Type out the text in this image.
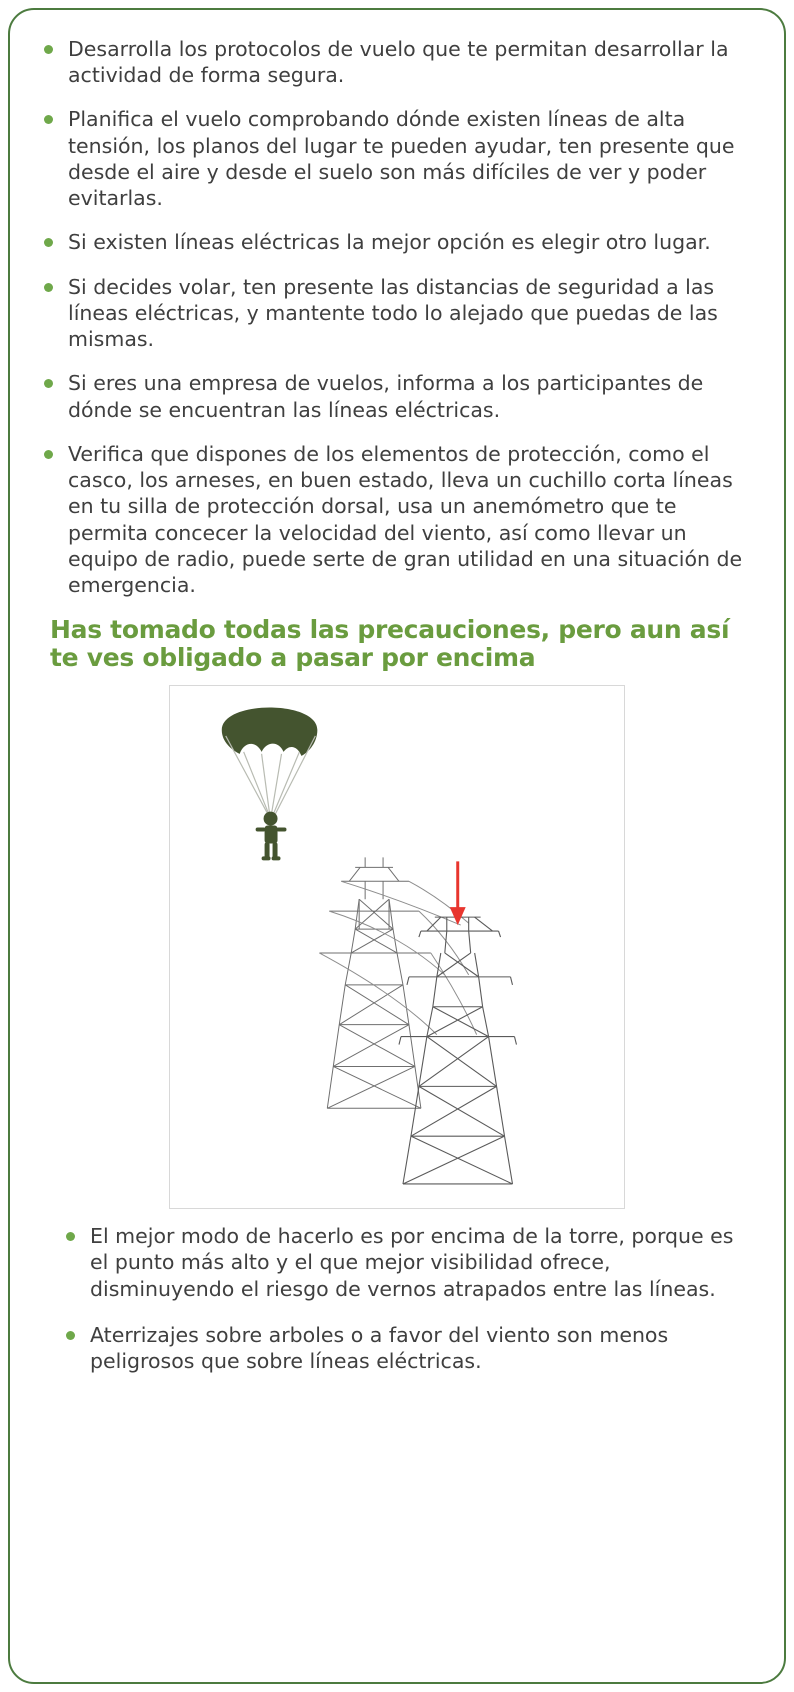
Desarrolla los protocolos de vuelo que te permitan desarrollar la actividad de forma segura.
Planifica el vuelo comprobando dónde existen líneas de alta tensión, los planos del lugar te pueden ayudar, ten presente que desde el aire y desde el suelo son más difíciles de ver y poder evitarlas.
Si existen líneas eléctricas la mejor opción es elegir otro lugar.
Si decides volar, ten presente las distancias de seguridad a las líneas eléctricas, y mantente todo lo alejado que puedas de las mismas.
Si eres una empresa de vuelos, informa a los participantes de dónde se encuentran las líneas eléctricas.
Verifica que dispones de los elementos de protección, como el casco, los arneses, en buen estado, lleva un cuchillo corta líneas en tu silla de protección dorsal, usa un anemómetro que te permita concecer la velocidad del viento, así como llevar un equipo de radio, puede serte de gran utilidad en una situación de emergencia.
Has tomado todas las precauciones, pero aun así te ves obligado a pasar por encima
El mejor modo de hacerlo es por encima de la torre, porque es el punto más alto y el que mejor visibilidad ofrece, disminuyendo el riesgo de vernos atrapados entre las líneas.
Aterrizajes sobre arboles o a favor del viento son menos peligrosos que sobre líneas eléctricas.
